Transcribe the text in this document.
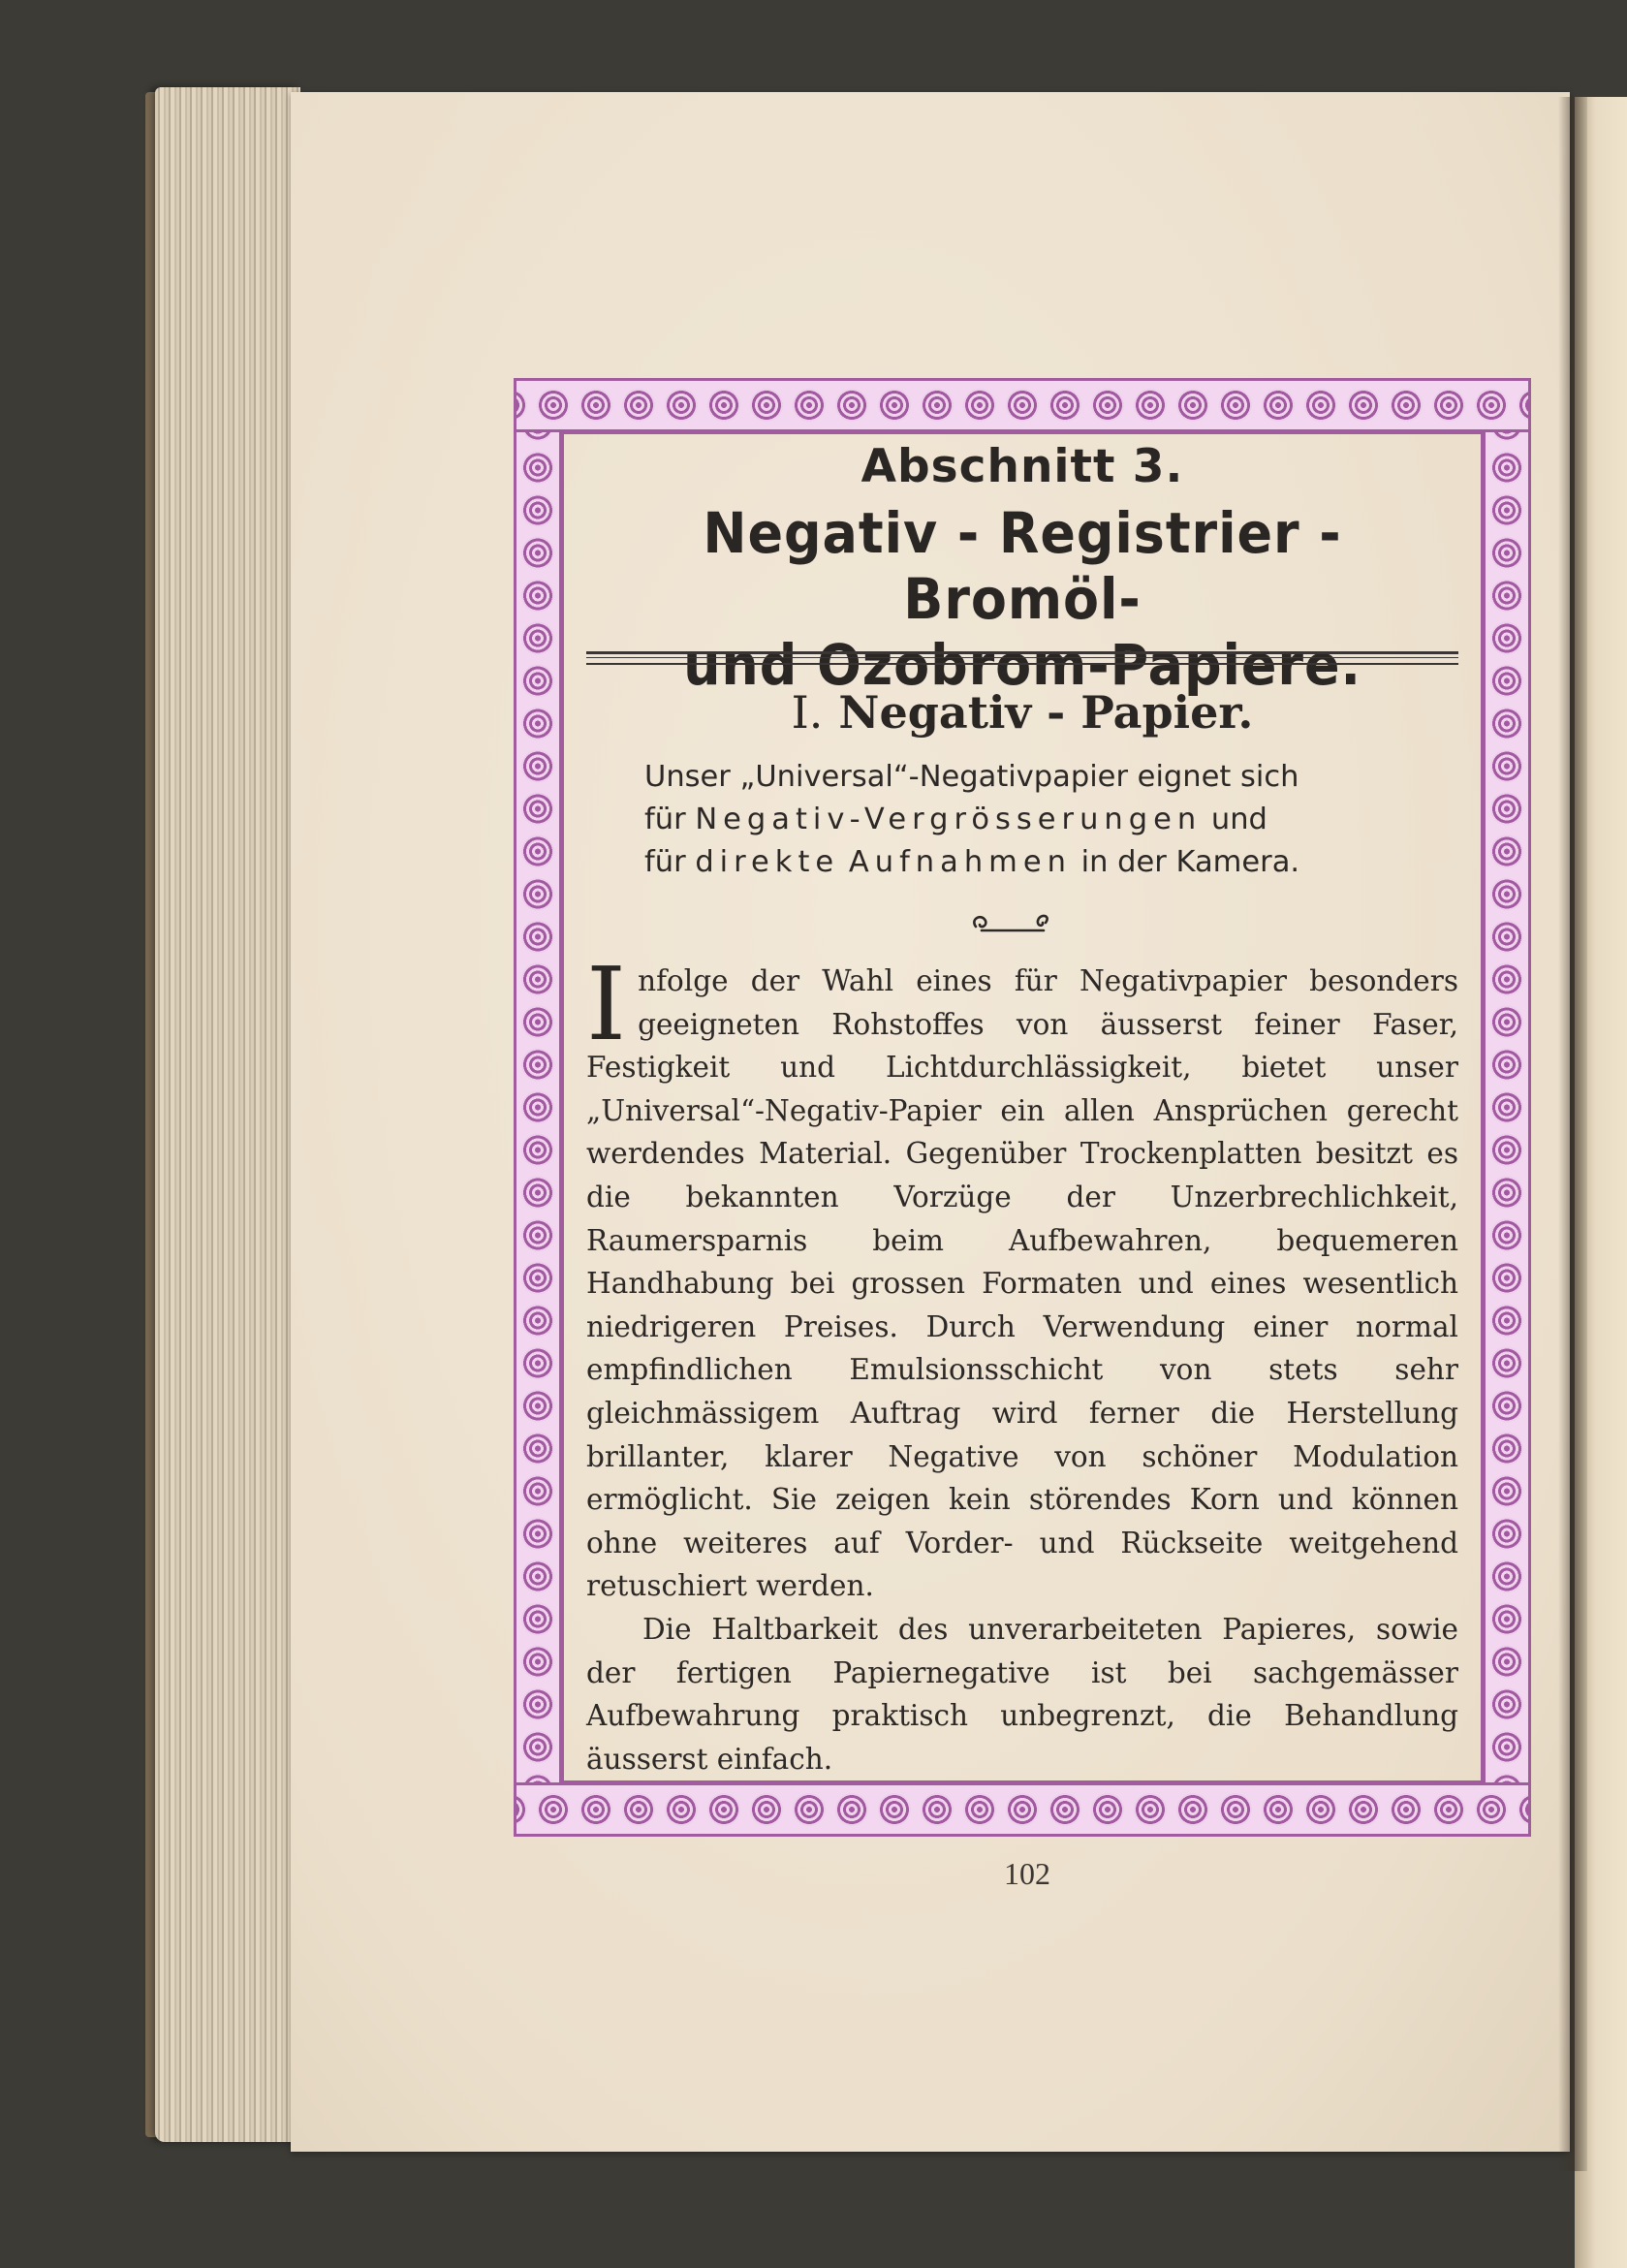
Abschnitt 3.
Negativ - Registrier - Bromöl-
und Ozobrom-Papiere.
I. Negativ - Papier.
Unser „Universal“-Negativpapier eignet sich
für Negativ-Vergrösserungen und
für direkte Aufnahmen in der Kamera.

Infolge der Wahl eines für Negativpapier besonders geeigneten Rohstoffes von äusserst feiner Faser, Festigkeit und Lichtdurchlässigkeit, bietet unser „Universal“-Negativ-Papier ein allen Ansprüchen gerecht werdendes Material. Gegenüber Trockenplatten besitzt es die bekannten Vorzüge der Unzerbrechlichkeit, Raumersparnis beim Aufbewahren, bequemeren Handhabung bei grossen Formaten und eines wesentlich niedrigeren Preises. Durch Verwendung einer normal empfindlichen Emulsionsschicht von stets sehr gleichmässigem Auftrag wird ferner die Herstellung brillanter, klarer Negative von schöner Modulation ermöglicht. Sie zeigen kein störendes Korn und können ohne weiteres auf Vorder- und Rückseite weitgehend retuschiert werden.

Die Haltbarkeit des unverarbeiteten Papieres, sowie der fertigen Papiernegative ist bei sachgemässer Aufbewahrung praktisch unbegrenzt, die Behandlung äusserst einfach.

102
